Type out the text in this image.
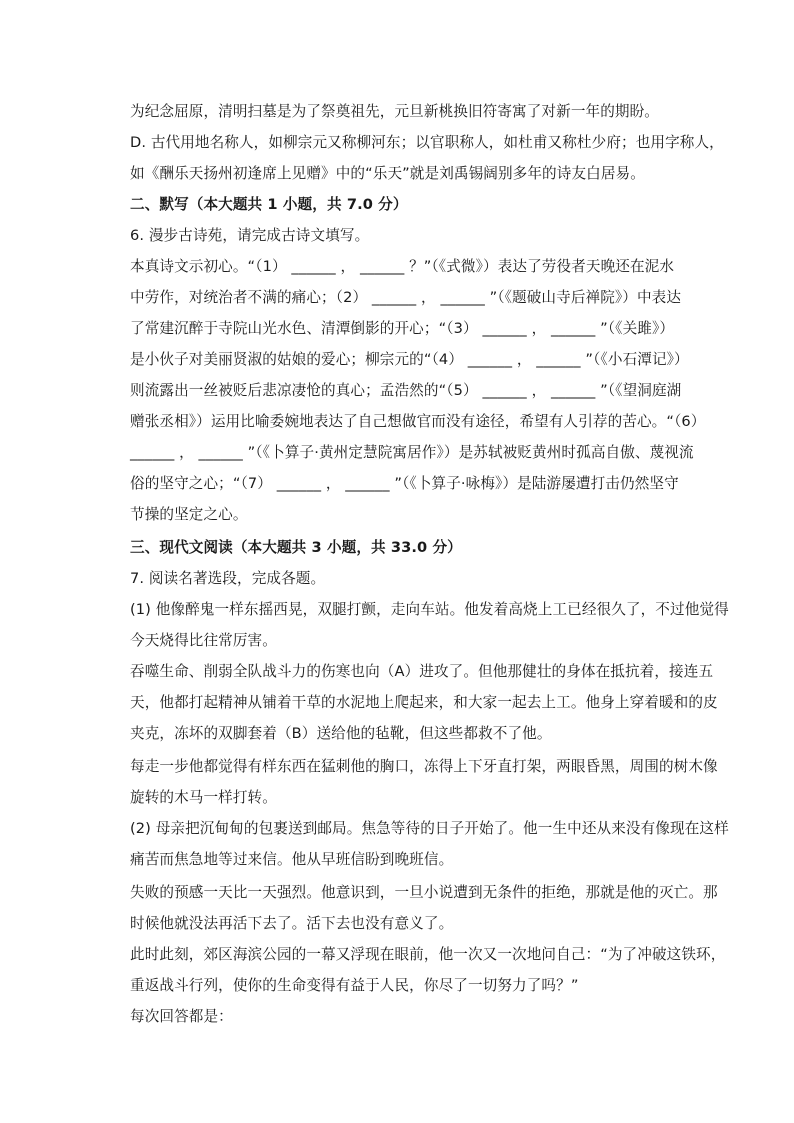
为纪念屈原，清明扫墓是为了祭奠祖先，元旦新桃换旧符寄寓了对新一年的期盼。
D. 古代用地名称人，如柳宗元又称柳河东；以官职称人，如杜甫又称杜少府；也用字称人，
如《酬乐天扬州初逢席上见赠》中的“乐天”就是刘禹锡阔别多年的诗友白居易。
二、默写（本大题共 1 小题，共 7.0 分）
6. 漫步古诗苑，请完成古诗文填写。
本真诗文示初心。“（1） ______ ， ______ ？”（《式微》）表达了劳役者天晚还在泥水
中劳作，对统治者不满的痛心；（2） ______ ， ______ ”（《题破山寺后禅院》）中表达
了常建沉醉于寺院山光水色、清潭倒影的开心；“（3） ______ ， ______ ”（《关雎》）
是小伙子对美丽贤淑的姑娘的爱心；柳宗元的“（4） ______ ， ______ ”（《小石潭记》）
则流露出一丝被贬后悲凉凄怆的真心；孟浩然的“（5） ______ ， ______ ”（《望洞庭湖
赠张丞相》）运用比喻委婉地表达了自己想做官而没有途径，希望有人引荐的苦心。“（6）
______ ， ______ ”（《卜算子·黄州定慧院寓居作》）是苏轼被贬黄州时孤高自傲、蔑视流
俗的坚守之心；“（7） ______ ， ______ ”（《卜算子·咏梅》）是陆游屡遭打击仍然坚守
节操的坚定之心。
三、现代文阅读（本大题共 3 小题，共 33.0 分）
7. 阅读名著选段，完成各题。
(1) 他像醉鬼一样东摇西晃，双腿打颤，走向车站。他发着高烧上工已经很久了，不过他觉得
今天烧得比往常厉害。
吞噬生命、削弱全队战斗力的伤寒也向（A）进攻了。但他那健壮的身体在抵抗着，接连五
天，他都打起精神从铺着干草的水泥地上爬起来，和大家一起去上工。他身上穿着暖和的皮
夹克，冻坏的双脚套着（B）送给他的毡靴，但这些都救不了他。
每走一步他都觉得有样东西在猛刺他的胸口，冻得上下牙直打架，两眼昏黑，周围的树木像
旋转的木马一样打转。
(2) 母亲把沉甸甸的包裹送到邮局。焦急等待的日子开始了。他一生中还从来没有像现在这样
痛苦而焦急地等过来信。他从早班信盼到晚班信。
失败的预感一天比一天强烈。他意识到，一旦小说遭到无条件的拒绝，那就是他的灭亡。那
时候他就没法再活下去了。活下去也没有意义了。
此时此刻，郊区海滨公园的一幕又浮现在眼前，他一次又一次地问自己：“为了冲破这铁环，
重返战斗行列，使你的生命变得有益于人民，你尽了一切努力了吗？”
每次回答都是：
